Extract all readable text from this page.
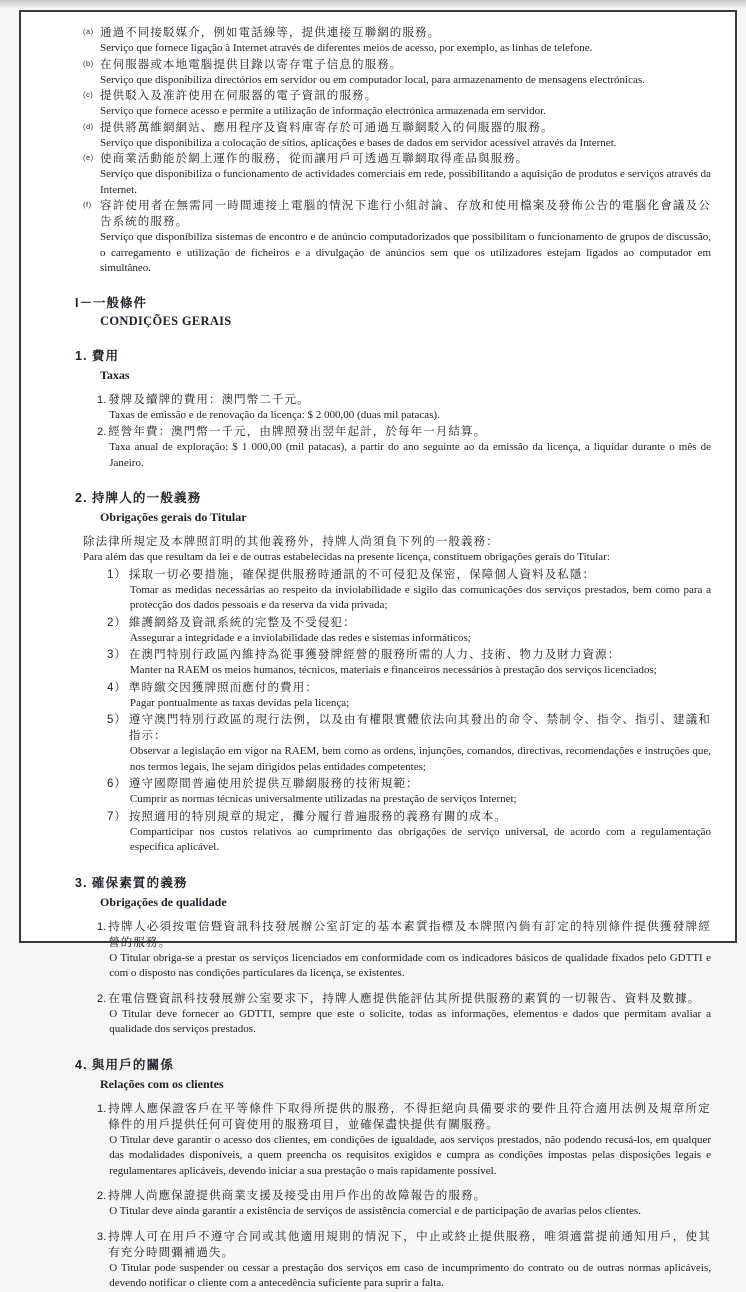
(a) 通過不同接駁媒介，例如電話線等，提供連接互聯網的服務。
Serviço que fornece ligação à Internet através de diferentes meios de acesso, por exemplo, as linhas de telefone.
(b) 在伺服器或本地電腦提供目錄以寄存電子信息的服務。
Serviço que disponibiliza directórios em servidor ou em computador local, para armazenamento de mensagens electrónicas.
(c) 提供駁入及准許使用在伺服器的電子資訊的服務。
Serviço que fornece acesso e permite a utilização de informação electrónica armazenada em servidor.
(d) 提供將萬維網網站、應用程序及資料庫寄存於可通過互聯網駁入的伺服器的服務。
Serviço que disponibiliza a colocação de sítios, aplicações e bases de dados em servidor acessível através da Internet.
(e) 使商業活動能於網上運作的服務，從而讓用戶可透過互聯網取得產品與服務。
Serviço que disponibiliza o funcionamento de actividades comerciais em rede, possibilitando a aquisição de produtos e serviços através da Internet.
(f) 容許使用者在無需同一時間連接上電腦的情況下進行小組討論、存放和使用檔案及發佈公告的電腦化會議及公告系統的服務。
Serviço que disponibiliza sistemas de encontro e de anúncio computadorizados que possibilitam o funcionamento de grupos de discussão, o carregamento e utilização de ficheiros e a divulgação de anúncios sem que os utilizadores estejam ligados ao computador em simultâneo.
I－一般條件
CONDIÇÕES GERAIS
1. 費用
Taxas
1. 發牌及續牌的費用：澳門幣二千元。
Taxas de emissão e de renovação da licença: $ 2 000,00 (duas mil patacas).
2. 經營年費：澳門幣一千元，由牌照發出翌年起計，於每年一月結算。
Taxa anual de exploração: $ 1 000,00 (mil patacas), a partir do ano seguinte ao da emissão da licença, a liquidar durante o mês de Janeiro.
2. 持牌人的一般義務
Obrigações gerais do Titular
除法律所規定及本牌照訂明的其他義務外，持牌人尚須負下列的一般義務：
Para além das que resultam da lei e de outras estabelecidas na presente licença, constituem obrigações gerais do Titular:
1） 採取一切必要措施，確保提供服務時通訊的不可侵犯及保密，保障個人資料及私隱：
Tomar as medidas necessárias ao respeito da inviolabilidade e sigilo das comunicações dos serviços prestados, bem como para a protecção dos dados pessoais e da reserva da vida privada;
2） 維護網絡及資訊系統的完整及不受侵犯：
Assegurar a integridade e a inviolabilidade das redes e sistemas informáticos;
3） 在澳門特別行政區內維持為從事獲發牌經營的服務所需的人力、技術、物力及財力資源：
Manter na RAEM os meios humanos, técnicos, materiais e financeiros necessários à prestação dos serviços licenciados;
4） 準時繳交因獲牌照而應付的費用：
Pagar pontualmente as taxas devidas pela licença;
5） 遵守澳門特別行政區的現行法例，以及由有權限實體依法向其發出的命令、禁制令、指令、指引、建議和指示：
Observar a legislação em vigor na RAEM, bem como as ordens, injunções, comandos, directivas, recomendações e instruções que, nos termos legais, lhe sejam dirigidos pelas entidades competentes;
6） 遵守國際間普遍使用於提供互聯網服務的技術規範：
Cumprir as normas técnicas universalmente utilizadas na prestação de serviços Internet;
7） 按照適用的特別規章的規定，攤分履行普遍服務的義務有關的成本。
Comparticipar nos custos relativos ao cumprimento das obrigações de serviço universal, de acordo com a regulamentação específica aplicável.
3. 確保素質的義務
Obrigações de qualidade
1. 持牌人必須按電信暨資訊科技發展辦公室訂定的基本素質指標及本牌照內倘有訂定的特別條件提供獲發牌經營的服務。
O Titular obriga-se a prestar os serviços licenciados em conformidade com os indicadores básicos de qualidade fixados pelo GDTTI e com o disposto nas condições particulares da licença, se existentes.
2. 在電信暨資訊科技發展辦公室要求下，持牌人應提供能評估其所提供服務的素質的一切報告、資料及數據。
O Titular deve fornecer ao GDTTI, sempre que este o solicite, todas as informações, elementos e dados que permitam avaliar a qualidade dos serviços prestados.
4. 與用戶的關係
Relações com os clientes
1. 持牌人應保證客戶在平等條件下取得所提供的服務，不得拒絕向具備要求的要件且符合適用法例及規章所定條件的用戶提供任何可資使用的服務項目，並確保盡快提供有關服務。
O Titular deve garantir o acesso dos clientes, em condições de igualdade, aos serviços prestados, não podendo recusá-los, em qualquer das modalidades disponíveis, a quem preencha os requisitos exigidos e cumpra as condições impostas pelas disposições legais e regulamentares aplicáveis, devendo iniciar a sua prestação o mais rapidamente possível.
2. 持牌人尚應保證提供商業支援及接受由用戶作出的故障報告的服務。
O Titular deve ainda garantir a existência de serviços de assistência comercial e de participação de avarias pelos clientes.
3. 持牌人可在用戶不遵守合同或其他適用規則的情況下，中止或終止提供服務，唯須適當提前通知用戶，使其有充分時間彌補過失。
O Titular pode suspender ou cessar a prestação dos serviços em caso de incumprimento do contrato ou de outras normas aplicáveis, devendo notificar o cliente com a antecedência suficiente para suprir a falta.
